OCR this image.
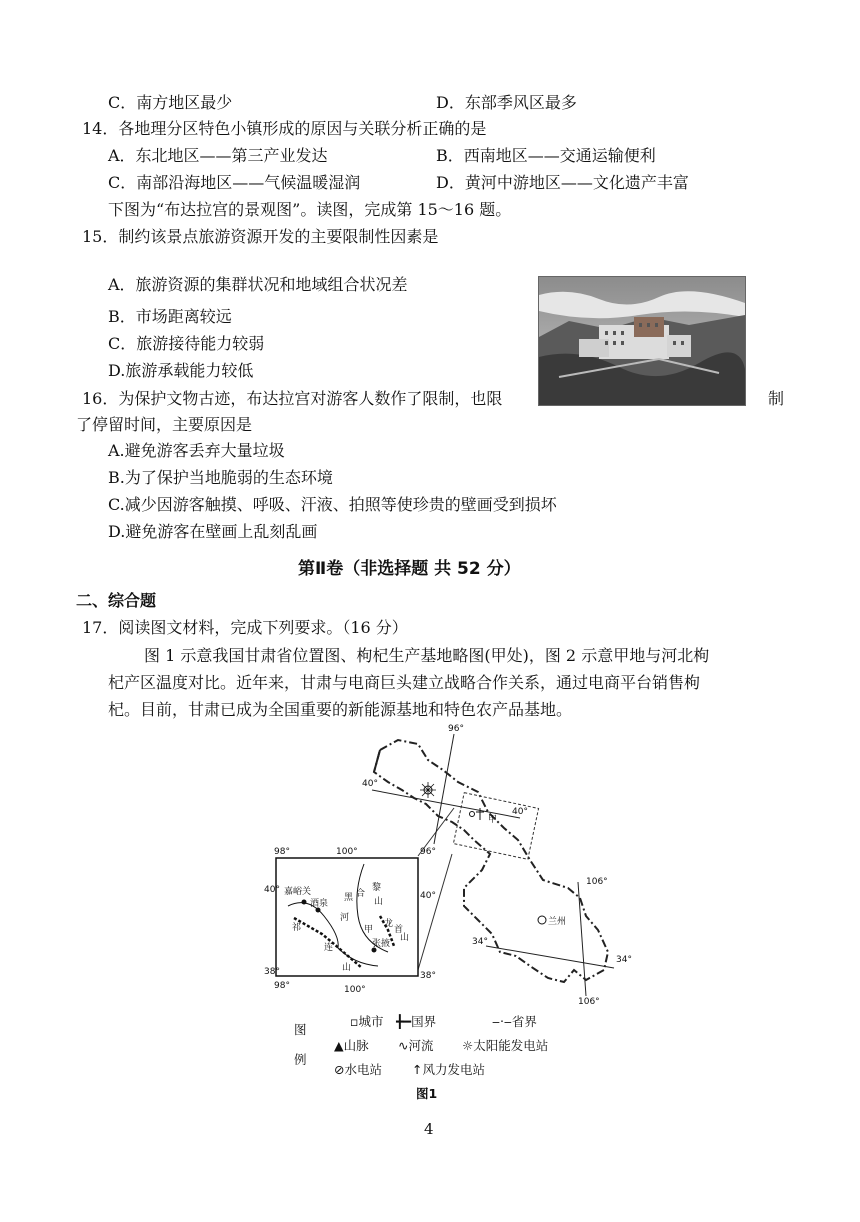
C．南方地区最少	D．东部季风区最多
14．各地理分区特色小镇形成的原因与关联分析正确的是
A．东北地区——第三产业发达	B．西南地区——交通运输便利
C．南部沿海地区——气候温暖湿润	D．黄河中游地区——文化遗产丰富
下图为“布达拉宫的景观图”。读图，完成第 15～16 题。
15．制约该景点旅游资源开发的主要限制性因素是
A．旅游资源的集群状况和地域组合状况差
B．市场距离较远
C．旅游接待能力较弱
D.旅游承载能力较低
16．为保护文物古迹，布达拉宫对游客人数作了限制，也限	制
了停留时间，主要原因是
A.避免游客丢弃大量垃圾
B.为了保护当地脆弱的生态环境
C.减少因游客触摸、呼吸、汗液、拍照等使珍贵的壁画受到损坏
D.避免游客在壁画上乱刻乱画
第Ⅱ卷（非选择题 共 52 分）
二、综合题
17．阅读图文材料，完成下列要求。（16 分）
图 1 示意我国甘肃省位置图、枸杞生产基地略图(甲处)，图 2 示意甲地与河北枸
杞产区温度对比。近年来，甘肃与电商巨头建立战略合作关系，通过电商平台销售枸
杞。目前，甘肃已成为全国重要的新能源基地和特色农产品基地。
96°
40°
40°
96°
甲
兰州
106°
34°
34°
106°
98°	100°
40°
40°
38°	38°
98°	100°
嘉峪关
酒泉
合
黎
山
黑
河
龙
首
山
甲
张掖
祁
连
山
图
例
▫城市 ╋━国界	‒‧‒省界
▲山脉 ∿河流 ☼太阳能发电站
⊘水电站 ↑风力发电站
图1
4
